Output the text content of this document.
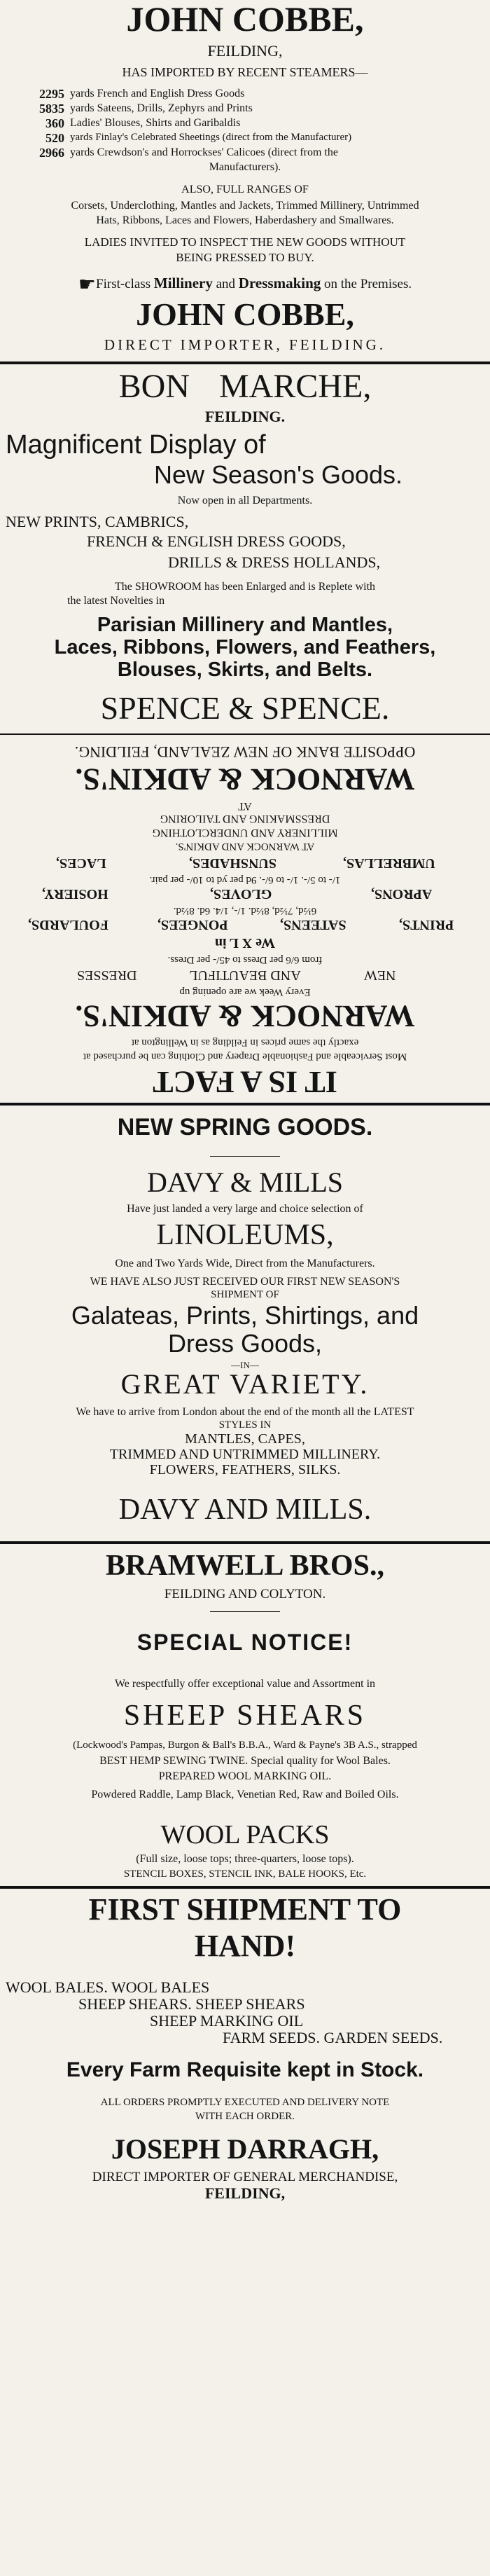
JOHN COBBE,
FEILDING,
HAS IMPORTED BY RECENT STEAMERS—
2295 yards French and English Dress Goods
5835 yards Sateens, Drills, Zephyrs and Prints
360 Ladies' Blouses, Shirts and Garibaldis
520 yards Finlay's Celebrated Sheetings (direct from the Manufacturer)
2966 yards Crewdson's and Horrockses' Calicoes (direct from the
Manufacturers).
ALSO, FULL RANGES OF
Corsets, Underclothing, Mantles and Jackets, Trimmed Millinery, Untrimmed
Hats, Ribbons, Laces and Flowers, Haberdashery and Smallwares.
LADIES INVITED TO INSPECT THE NEW GOODS WITHOUT
BEING PRESSED TO BUY.
☛First-class Millinery and Dressmaking on the Premises.
JOHN COBBE,
DIRECT IMPORTER, FEILDING.
BON MARCHE,
FEILDING.
Magnificent Display of
New Season's Goods.
Now open in all Departments.
NEW PRINTS, CAMBRICS,
FRENCH & ENGLISH DRESS GOODS,
DRILLS & DRESS HOLLANDS,
The SHOWROOM has been Enlarged and is Replete with
the latest Novelties in
Parisian Millinery and Mantles,
Laces, Ribbons, Flowers, and Feathers,
Blouses, Skirts, and Belts.
SPENCE & SPENCE.
OPPOSITE BANK OF NEW ZEALAND, FEILDING.
WARNOCK & ADKIN'S.
AT
DRESSMAKING AND TAILORING
MILLINERY AND UNDERCLOTHING
AT WARNOCK AND ADKIN'S.
UMBRELLAS,
SUNSHADES,
LACES,
1/- to 5/-. 1/- to 6/-. 9d per yd to 10/- per pair.
APRONS,
GLOVES,
HOSIERY,
6½d, 7½d, 8½d. 1/-, 1/4. 6d. 8½d.
PRINTS,
SATEENS,
PONGEES,
FOULARDS,
We X L in
from 6/6 per Dress to 45/- per Dress.
NEW
AND BEAUTIFUL
DRESSES
Every Week we are opening up
WARNOCK & ADKIN'S.
exactly the same prices in Feilding as in Wellington at
Most Serviceable and Fashionable Drapery and Clothing can be purchased at
IT IS A FACT
NEW SPRING GOODS.
DAVY & MILLS
Have just landed a very large and choice selection of
LINOLEUMS,
One and Two Yards Wide, Direct from the Manufacturers.
WE HAVE ALSO JUST RECEIVED OUR FIRST NEW SEASON'S
SHIPMENT OF
Galateas, Prints, Shirtings, and
Dress Goods,
—IN—
GREAT VARIETY.
We have to arrive from London about the end of the month all the LATEST
STYLES IN
MANTLES, CAPES,
TRIMMED AND UNTRIMMED MILLINERY.
FLOWERS, FEATHERS, SILKS.
DAVY AND MILLS.
BRAMWELL BROS.,
FEILDING AND COLYTON.
SPECIAL NOTICE!
We respectfully offer exceptional value and Assortment in
SHEEP SHEARS
(Lockwood's Pampas, Burgon & Ball's B.B.A., Ward & Payne's 3B A.S., strapped
BEST HEMP SEWING TWINE. Special quality for Wool Bales.
PREPARED WOOL MARKING OIL.
Powdered Raddle, Lamp Black, Venetian Red, Raw and Boiled Oils.
WOOL PACKS
(Full size, loose tops; three-quarters, loose tops).
STENCIL BOXES, STENCIL INK, BALE HOOKS, Etc.
FIRST SHIPMENT TO
HAND!
WOOL BALES. WOOL BALES
SHEEP SHEARS. SHEEP SHEARS
SHEEP MARKING OIL
FARM SEEDS. GARDEN SEEDS.
Every Farm Requisite kept in Stock.
ALL ORDERS PROMPTLY EXECUTED AND DELIVERY NOTE
WITH EACH ORDER.
JOSEPH DARRAGH,
DIRECT IMPORTER OF GENERAL MERCHANDISE,
FEILDING,
